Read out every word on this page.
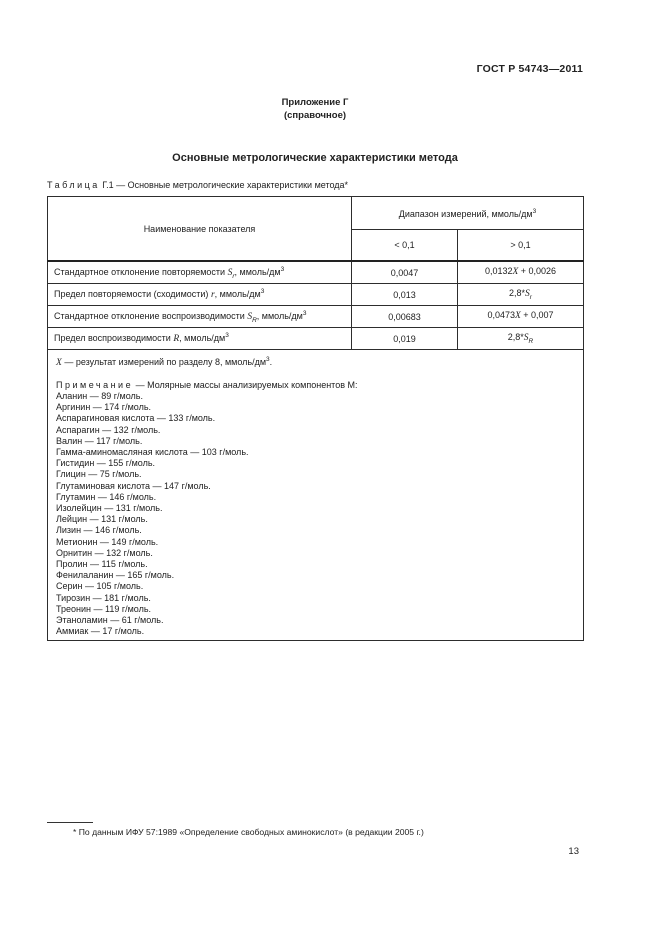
ГОСТ Р 54743—2011
Приложение Г
(справочное)
Основные метрологические характеристики метода
Таблица Г.1 — Основные метрологические характеристики метода*
Наименование показателя	Диапазон измерений, ммоль/$дм^3$
	< 0,1	> 0,1
Стандартное отклонение повторяемости $S_r$, ммоль/$дм^3$	0,0047	0,0132X + 0,0026
Предел повторяемости (сходимости) r, ммоль/$дм^3$	0,013	$2,8*S_r$
Стандартное отклонение воспроизводимости $S_R$, ммоль/$дм^3$	0,00683	0,0473X + 0,007
Предел воспроизводимости R, ммоль/$дм^3$	0,019	$2,8*S_R$

X — результат измерений по разделу 8, ммоль/$дм^3$.
Примечание — Молярные массы анализируемых компонентов М:
Аланин — 89 г/моль.
Аргинин — 174 г/моль.
Аспарагиновая кислота — 133 г/моль.
Аспарагин — 132 г/моль.
Валин — 117 г/моль.
Гамма-аминомасляная кислота — 103 г/моль.
Гистидин — 155 г/моль.
Глицин — 75 г/моль.
Глутаминовая кислота — 147 г/моль.
Глутамин — 146 г/моль.
Изолейцин — 131 г/моль.
Лейцин — 131 г/моль.
Лизин — 146 г/моль.
Метионин — 149 г/моль.
Орнитин — 132 г/моль.
Пролин — 115 г/моль.
Фенилаланин — 165 г/моль.
Серин — 105 г/моль.
Тирозин — 181 г/моль.
Треонин — 119 г/моль.
Этаноламин — 61 г/моль.
Аммиак — 17 г/моль.
* По данным ИФУ 57:1989 «Определение свободных аминокислот» (в редакции 2005 г.)
13
